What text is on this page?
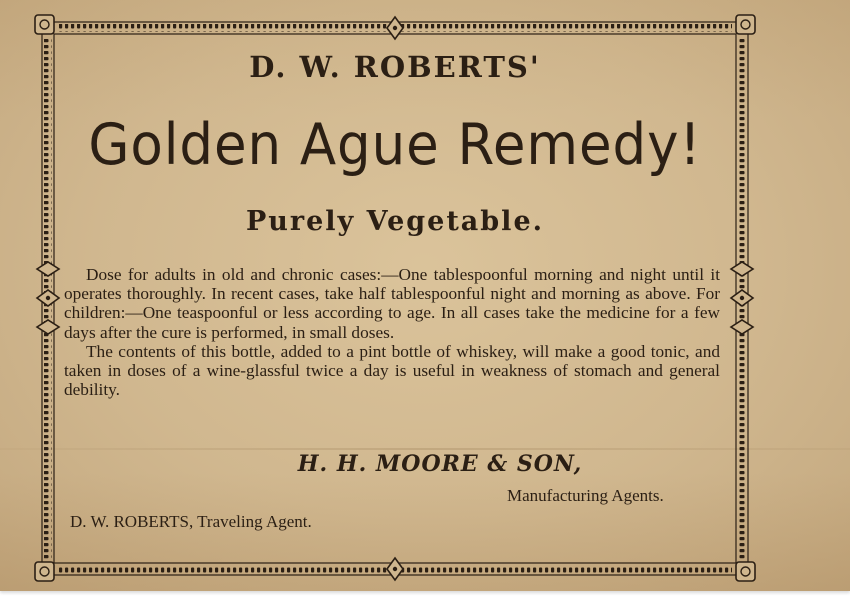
D. W. ROBERTS'
Golden Ague Remedy!
Purely Vegetable.

Dose for adults in old and chronic cases:—One tablespoonful morning and night until it operates thoroughly. In recent cases, take half tablespoonful night and morning as above. For children:—One teaspoonful or less according to age. In all cases take the medicine for a few days after the cure is performed, in small doses.

The contents of this bottle, added to a pint bottle of whiskey, will make a good tonic, and taken in doses of a wine-glassful twice a day is useful in weakness of stomach and general debility.

H. H. MOORE & SON,
Manufacturing Agents.
D. W. ROBERTS, Traveling Agent.
